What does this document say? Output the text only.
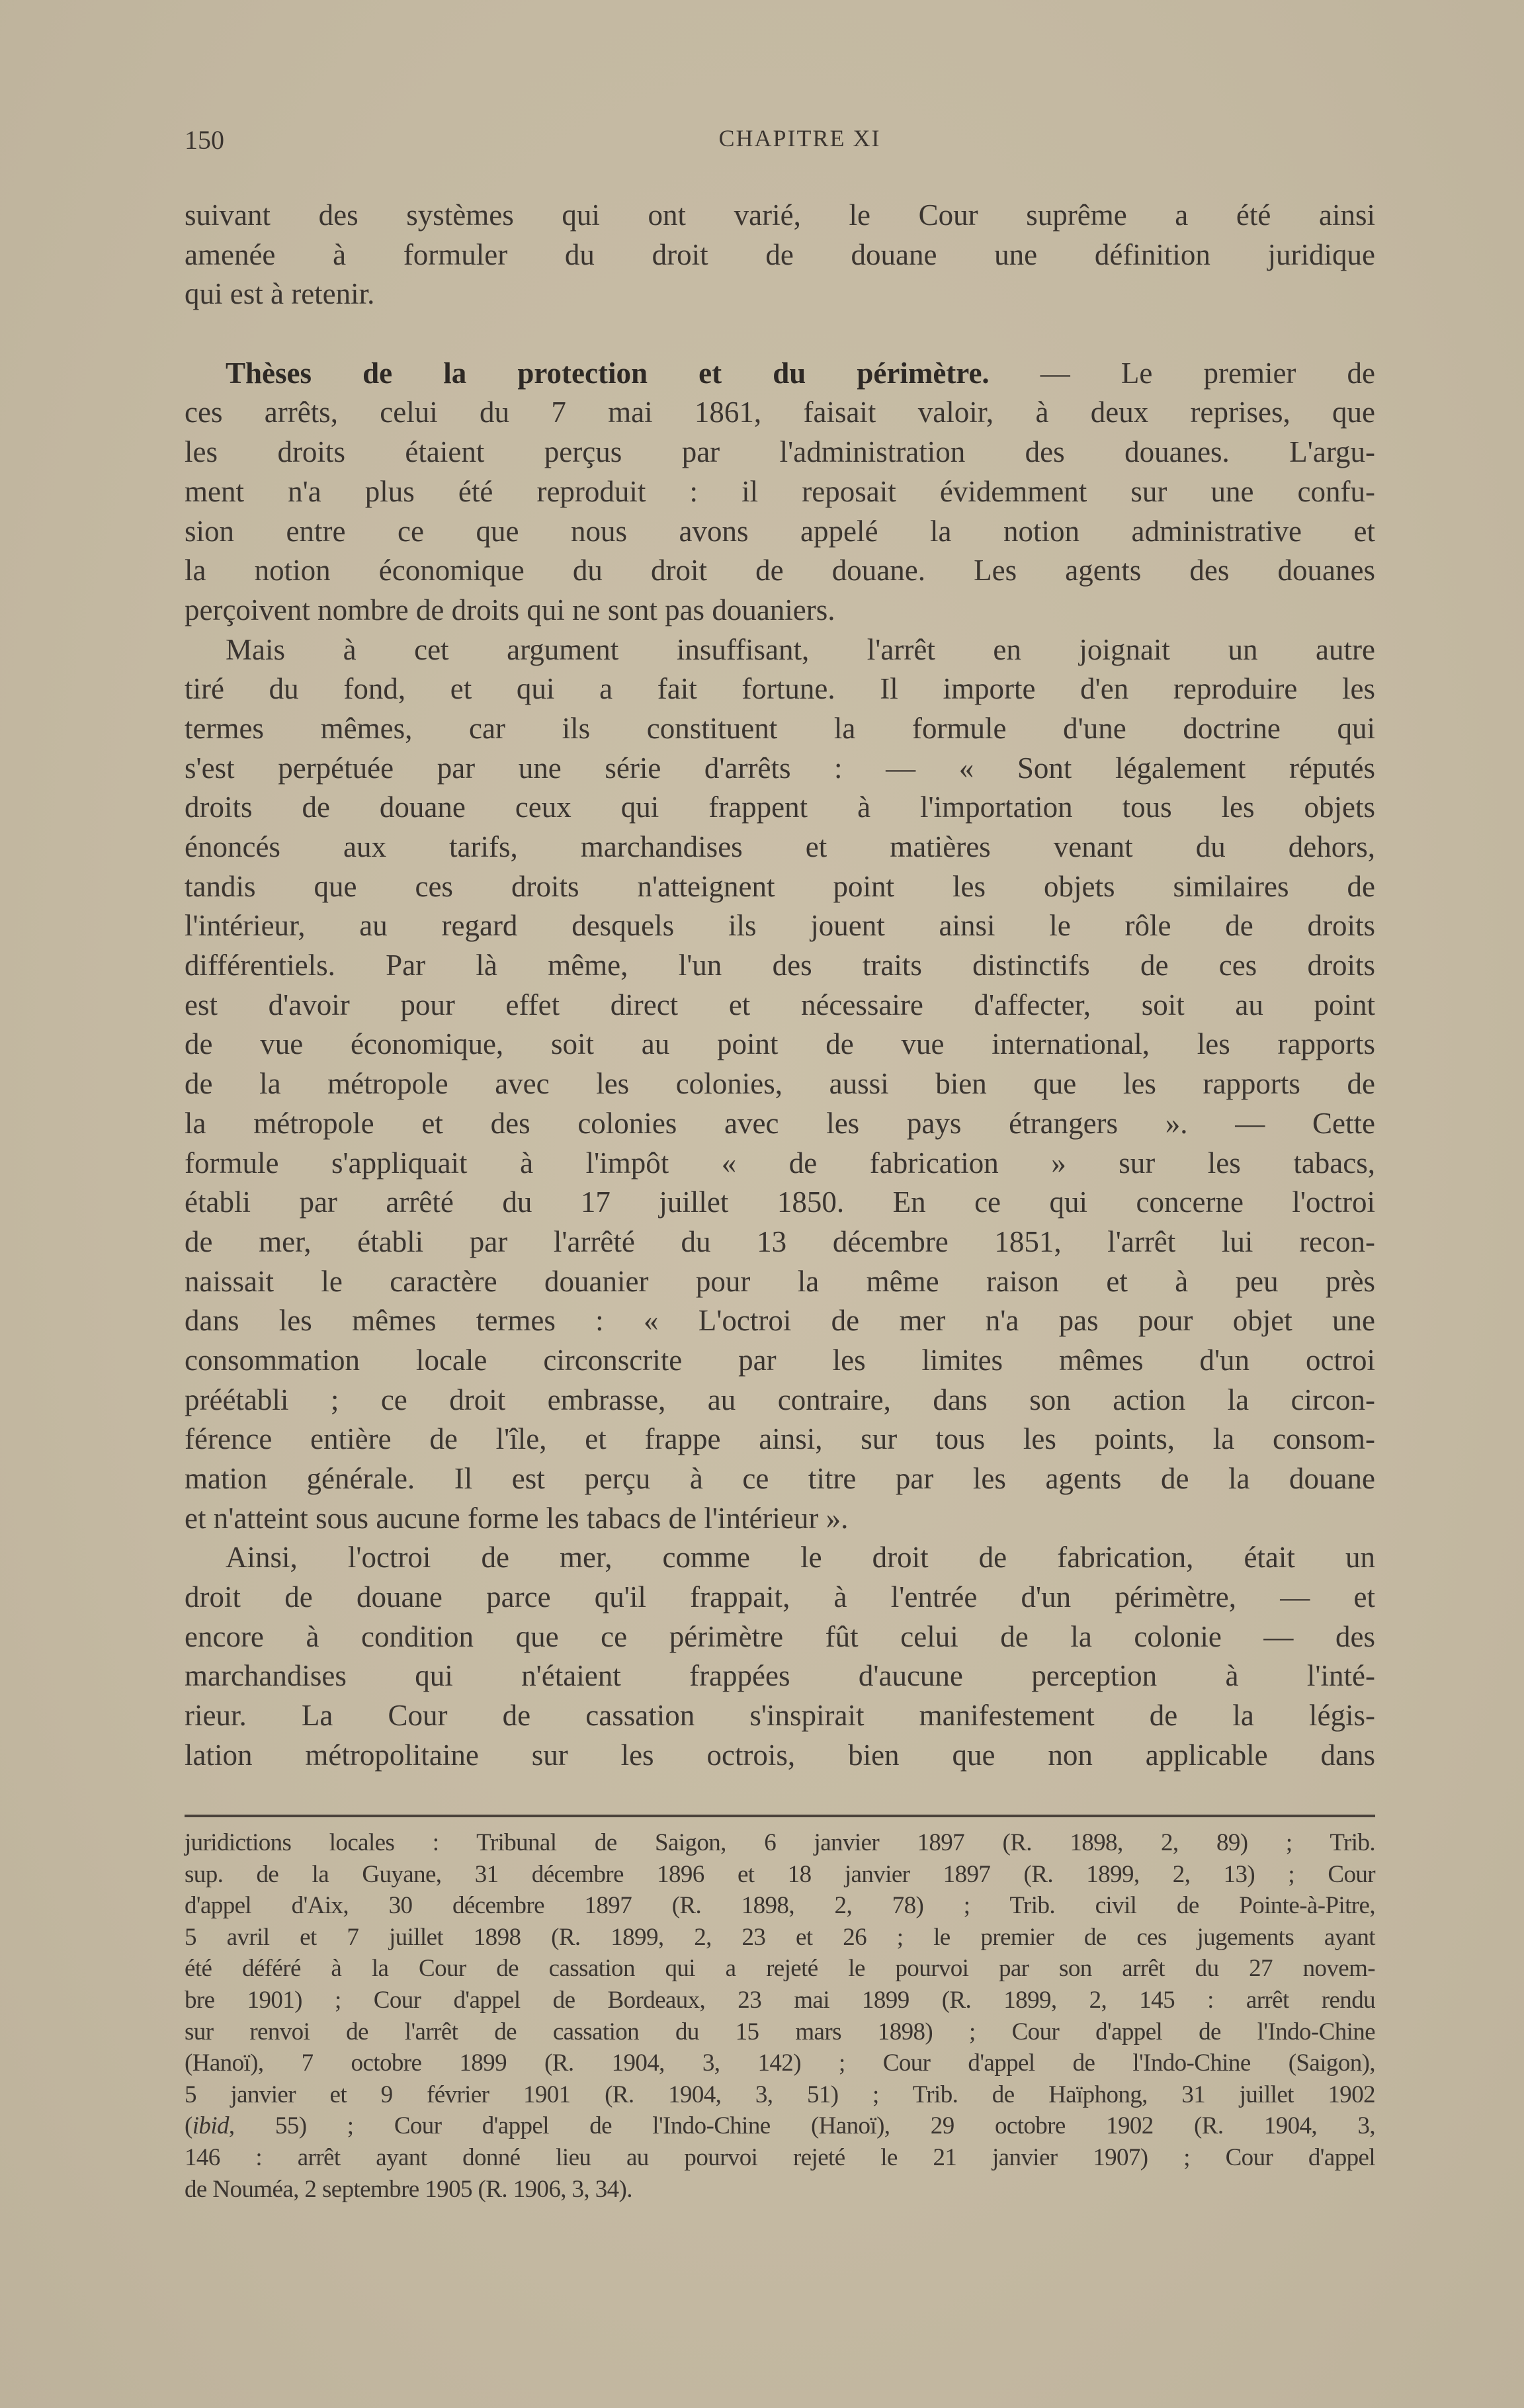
150	CHAPITRE XI
suivant des systèmes qui ont varié, le Cour suprême a été ainsi
amenée à formuler du droit de douane une définition juridique
qui est à retenir.
Thèses de la protection et du périmètre. — Le premier de
ces arrêts, celui du 7 mai 1861, faisait valoir, à deux reprises, que
les droits étaient perçus par l'administration des douanes. L'argu-
ment n'a plus été reproduit : il reposait évidemment sur une confu-
sion entre ce que nous avons appelé la notion administrative et
la notion économique du droit de douane. Les agents des douanes
perçoivent nombre de droits qui ne sont pas douaniers.
Mais à cet argument insuffisant, l'arrêt en joignait un autre
tiré du fond, et qui a fait fortune. Il importe d'en reproduire les
termes mêmes, car ils constituent la formule d'une doctrine qui
s'est perpétuée par une série d'arrêts : — « Sont légalement réputés
droits de douane ceux qui frappent à l'importation tous les objets
énoncés aux tarifs, marchandises et matières venant du dehors,
tandis que ces droits n'atteignent point les objets similaires de
l'intérieur, au regard desquels ils jouent ainsi le rôle de droits
différentiels. Par là même, l'un des traits distinctifs de ces droits
est d'avoir pour effet direct et nécessaire d'affecter, soit au point
de vue économique, soit au point de vue international, les rapports
de la métropole avec les colonies, aussi bien que les rapports de
la métropole et des colonies avec les pays étrangers ». — Cette
formule s'appliquait à l'impôt « de fabrication » sur les tabacs,
établi par arrêté du 17 juillet 1850. En ce qui concerne l'octroi
de mer, établi par l'arrêté du 13 décembre 1851, l'arrêt lui recon-
naissait le caractère douanier pour la même raison et à peu près
dans les mêmes termes : « L'octroi de mer n'a pas pour objet une
consommation locale circonscrite par les limites mêmes d'un octroi
préétabli ; ce droit embrasse, au contraire, dans son action la circon-
férence entière de l'île, et frappe ainsi, sur tous les points, la consom-
mation générale. Il est perçu à ce titre par les agents de la douane
et n'atteint sous aucune forme les tabacs de l'intérieur ».
Ainsi, l'octroi de mer, comme le droit de fabrication, était un
droit de douane parce qu'il frappait, à l'entrée d'un périmètre, — et
encore à condition que ce périmètre fût celui de la colonie — des
marchandises qui n'étaient frappées d'aucune perception à l'inté-
rieur. La Cour de cassation s'inspirait manifestement de la légis-
lation métropolitaine sur les octrois, bien que non applicable dans
juridictions locales : Tribunal de Saigon, 6 janvier 1897 (R. 1898, 2, 89) ; Trib.
sup. de la Guyane, 31 décembre 1896 et 18 janvier 1897 (R. 1899, 2, 13) ; Cour
d'appel d'Aix, 30 décembre 1897 (R. 1898, 2, 78) ; Trib. civil de Pointe-à-Pitre,
5 avril et 7 juillet 1898 (R. 1899, 2, 23 et 26 ; le premier de ces jugements ayant
été déféré à la Cour de cassation qui a rejeté le pourvoi par son arrêt du 27 novem-
bre 1901) ; Cour d'appel de Bordeaux, 23 mai 1899 (R. 1899, 2, 145 : arrêt rendu
sur renvoi de l'arrêt de cassation du 15 mars 1898) ; Cour d'appel de l'Indo-Chine
(Hanoï), 7 octobre 1899 (R. 1904, 3, 142) ; Cour d'appel de l'Indo-Chine (Saigon),
5 janvier et 9 février 1901 (R. 1904, 3, 51) ; Trib. de Haïphong, 31 juillet 1902
(ibid, 55) ; Cour d'appel de l'Indo-Chine (Hanoï), 29 octobre 1902 (R. 1904, 3,
146 : arrêt ayant donné lieu au pourvoi rejeté le 21 janvier 1907) ; Cour d'appel
de Nouméa, 2 septembre 1905 (R. 1906, 3, 34).
